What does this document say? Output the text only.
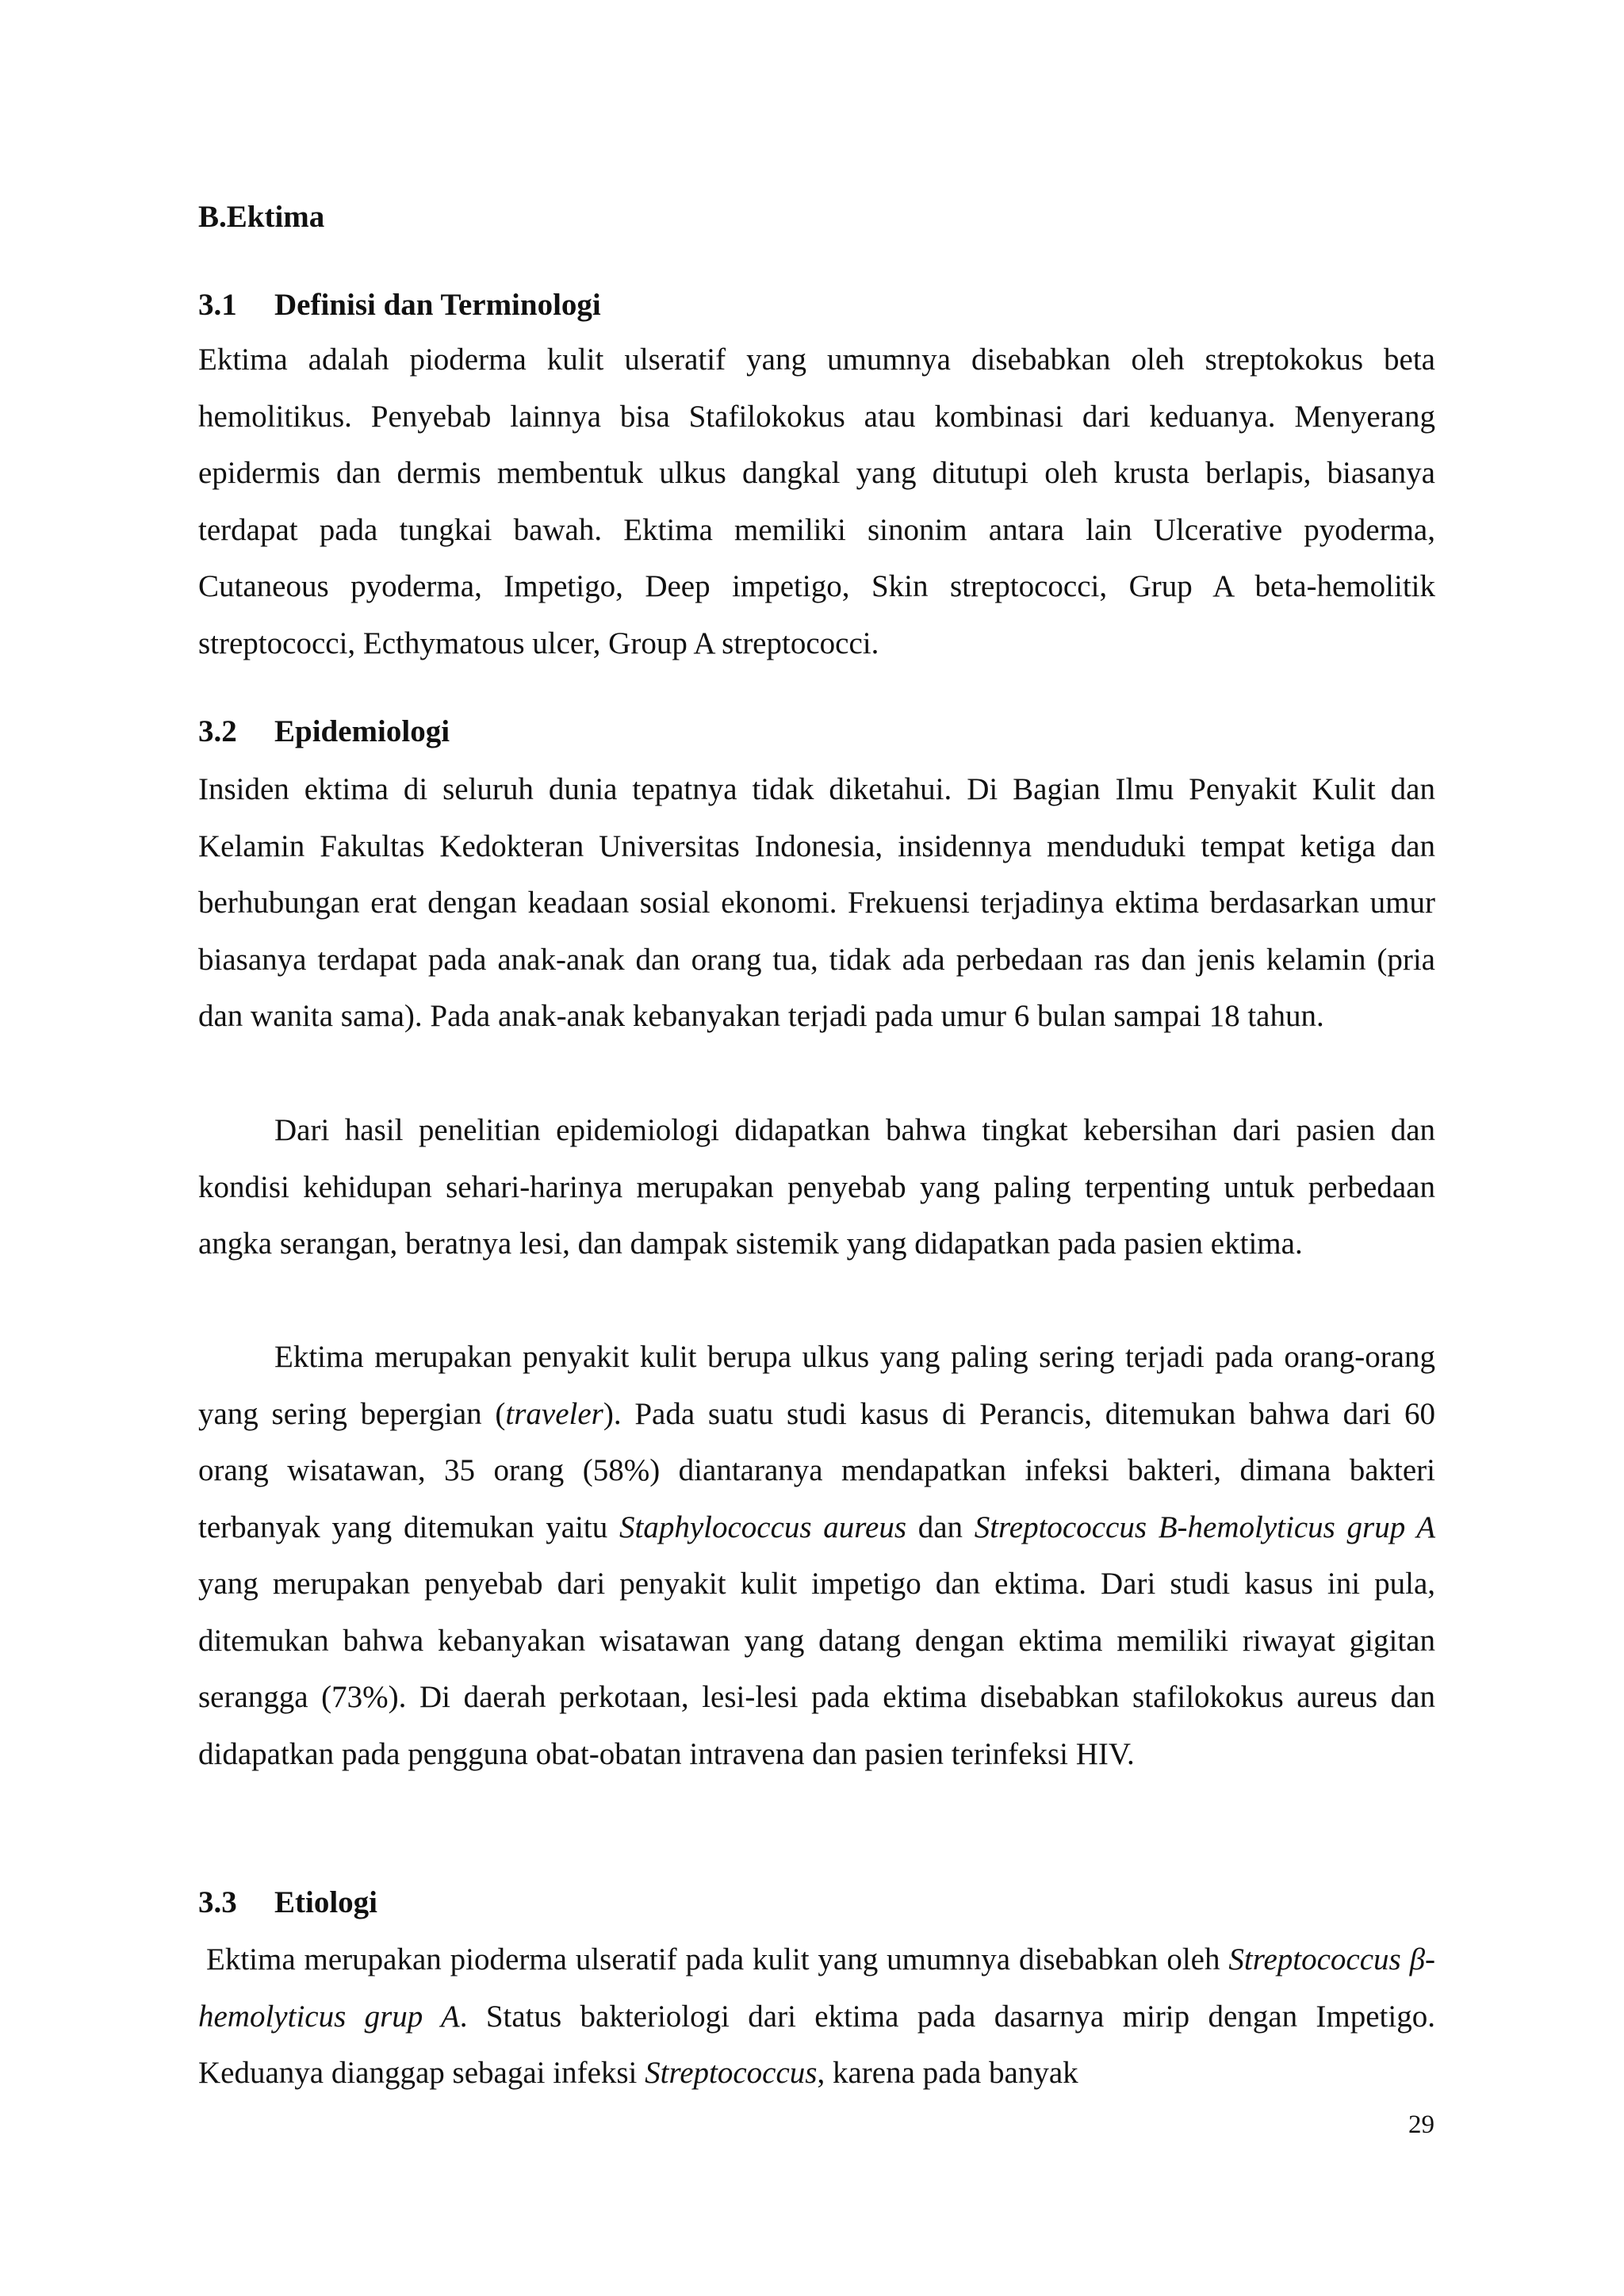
B.Ektima
3.1 Definisi dan Terminologi

Ektima adalah pioderma kulit ulseratif yang umumnya disebabkan oleh streptokokus beta hemolitikus. Penyebab lainnya bisa Stafilokokus atau kombinasi dari keduanya. Menyerang epidermis dan dermis membentuk ulkus dangkal yang ditutupi oleh krusta berlapis, biasanya terdapat pada tungkai bawah. Ektima memiliki sinonim antara lain Ulcerative pyoderma, Cutaneous pyoderma, Impetigo, Deep impetigo, Skin streptococci, Grup A beta-hemolitik streptococci, Ecthymatous ulcer, Group A streptococci.

3.2 Epidemiologi

Insiden ektima di seluruh dunia tepatnya tidak diketahui. Di Bagian Ilmu Penyakit Kulit dan Kelamin Fakultas Kedokteran Universitas Indonesia, insidennya menduduki tempat ketiga dan berhubungan erat dengan keadaan sosial ekonomi. Frekuensi terjadinya ektima berdasarkan umur biasanya terdapat pada anak-anak dan orang tua, tidak ada perbedaan ras dan jenis kelamin (pria dan wanita sama). Pada anak-anak kebanyakan terjadi pada umur 6 bulan sampai 18 tahun.

Dari hasil penelitian epidemiologi didapatkan bahwa tingkat kebersihan dari pasien dan kondisi kehidupan sehari-harinya merupakan penyebab yang paling terpenting untuk perbedaan angka serangan, beratnya lesi, dan dampak sistemik yang didapatkan pada pasien ektima.

Ektima merupakan penyakit kulit berupa ulkus yang paling sering terjadi pada orang-orang yang sering bepergian (traveler). Pada suatu studi kasus di Perancis, ditemukan bahwa dari 60 orang wisatawan, 35 orang (58%) diantaranya mendapatkan infeksi bakteri, dimana bakteri terbanyak yang ditemukan yaitu Staphylococcus aureus dan Streptococcus B-hemolyticus grup A yang merupakan penyebab dari penyakit kulit impetigo dan ektima. Dari studi kasus ini pula, ditemukan bahwa kebanyakan wisatawan yang datang dengan ektima memiliki riwayat gigitan serangga (73%). Di daerah perkotaan, lesi-lesi pada ektima disebabkan stafilokokus aureus dan didapatkan pada pengguna obat-obatan intravena dan pasien terinfeksi HIV.

3.3 Etiologi

Ektima merupakan pioderma ulseratif pada kulit yang umumnya disebabkan oleh Streptococcus β-hemolyticus grup A. Status bakteriologi dari ektima pada dasarnya mirip dengan Impetigo. Keduanya dianggap sebagai infeksi Streptococcus, karena pada banyak

29
